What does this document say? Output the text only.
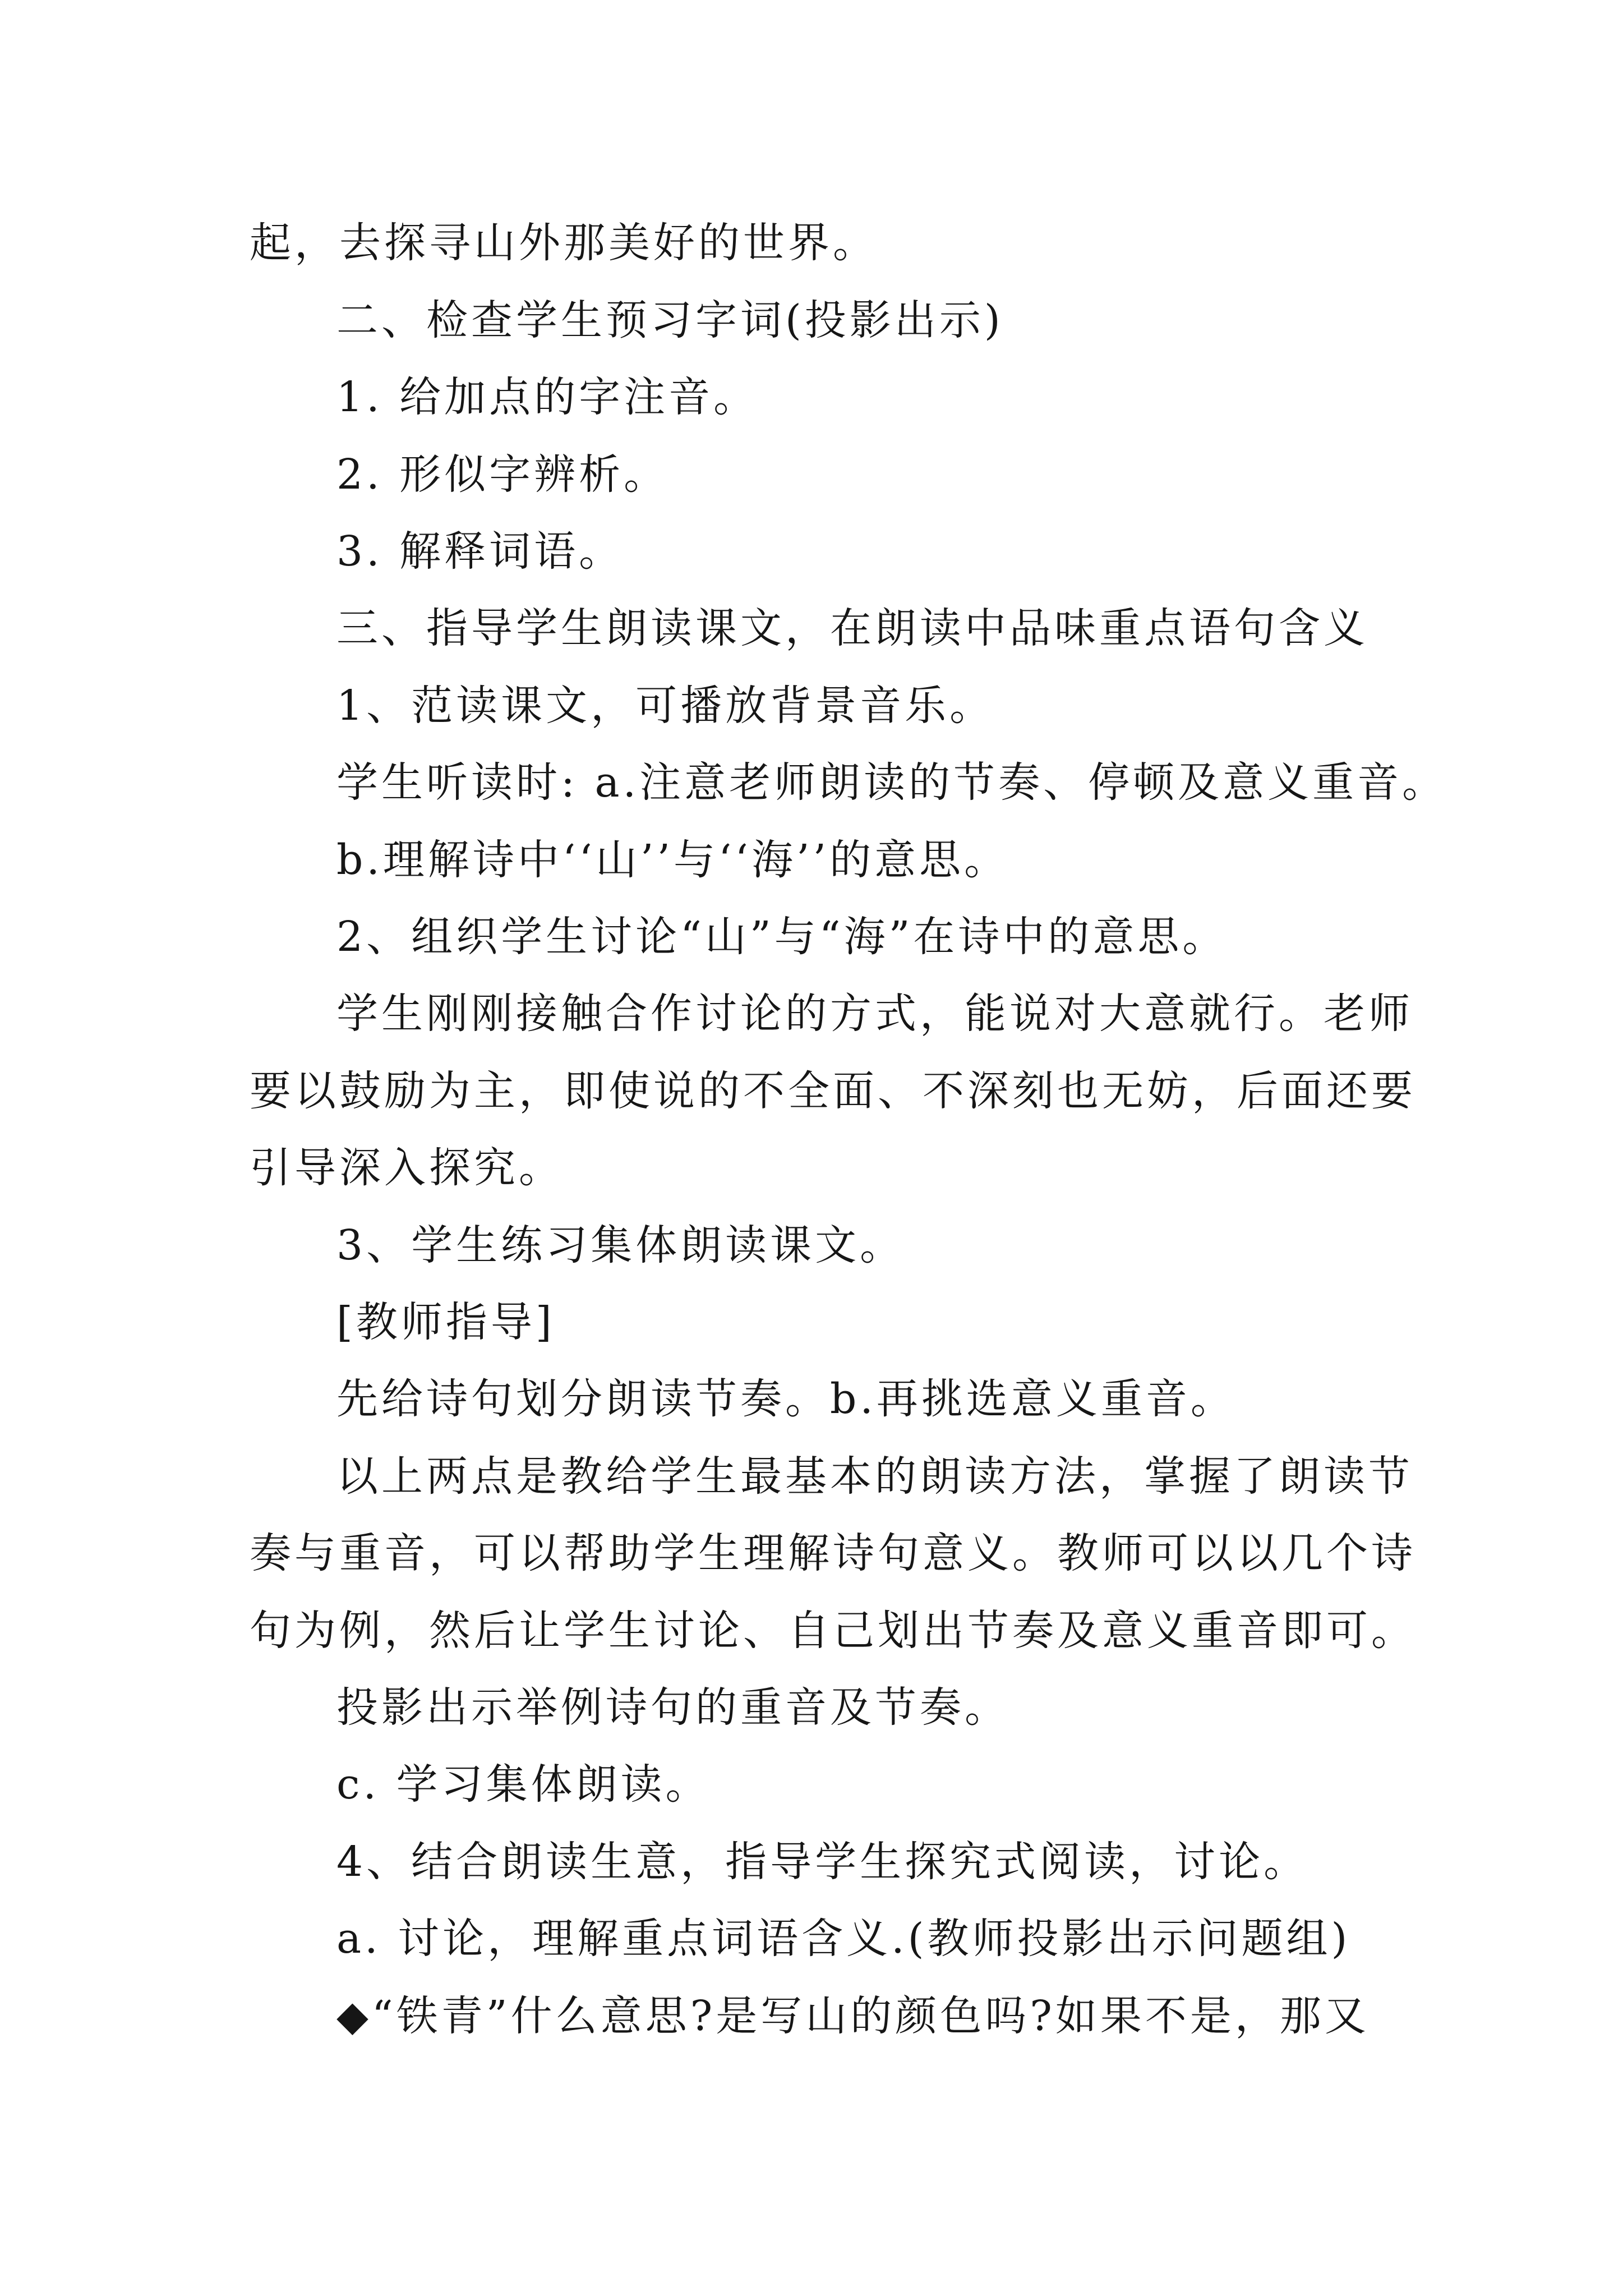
起，去探寻山外那美好的世界。
二、检查学生预习字词(投影出示)
1. 给加点的字注音。
2. 形似字辨析。
3. 解释词语。
三、指导学生朗读课文，在朗读中品味重点语句含义
1、范读课文，可播放背景音乐。
学生听读时: a.注意老师朗读的节奏、停顿及意义重音。
b.理解诗中‘‘山’’与‘‘海’’的意思。
2、组织学生讨论“山”与“海”在诗中的意思。
学生刚刚接触合作讨论的方式，能说对大意就行。老师
要以鼓励为主，即使说的不全面、不深刻也无妨，后面还要
引导深入探究。
3、学生练习集体朗读课文。
[教师指导]
先给诗句划分朗读节奏。b.再挑选意义重音。
以上两点是教给学生最基本的朗读方法，掌握了朗读节
奏与重音，可以帮助学生理解诗句意义。教师可以以几个诗
句为例，然后让学生讨论、自己划出节奏及意义重音即可。
投影出示举例诗句的重音及节奏。
c. 学习集体朗读。
4、结合朗读生意，指导学生探究式阅读，讨论。
a. 讨论，理解重点词语含义.(教师投影出示问题组)
◆“铁青”什么意思?是写山的颜色吗?如果不是，那又
